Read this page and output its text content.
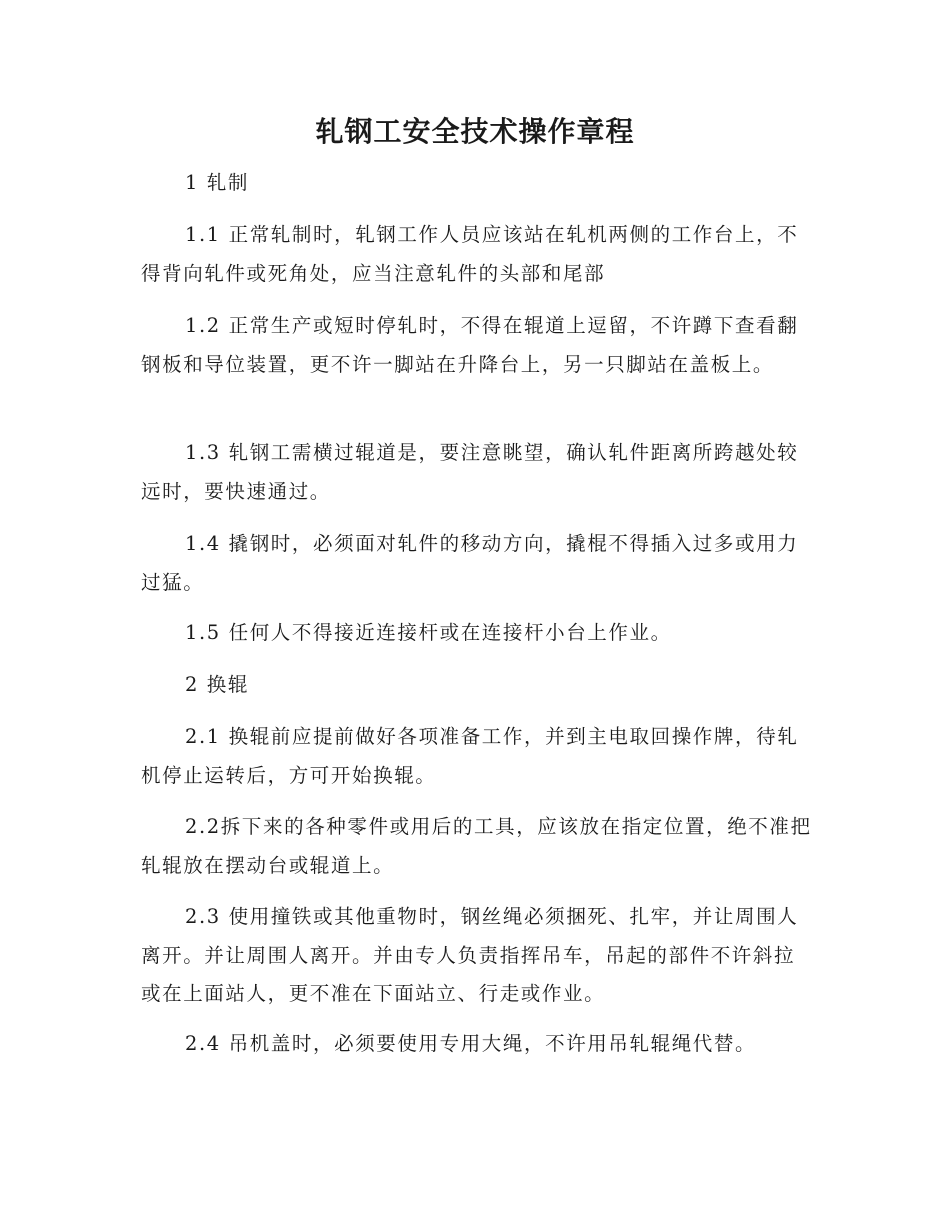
轧钢工安全技术操作章程

1 轧制

1.1 正常轧制时，轧钢工作人员应该站在轧机两侧的工作台上，不得背向轧件或死角处，应当注意轧件的头部和尾部

1.2 正常生产或短时停轧时，不得在辊道上逗留，不许蹲下查看翻钢板和导位装置，更不许一脚站在升降台上，另一只脚站在盖板上。

1.3 轧钢工需横过辊道是，要注意眺望，确认轧件距离所跨越处较远时，要快速通过。

1.4 撬钢时，必须面对轧件的移动方向，撬棍不得插入过多或用力过猛。

1.5 任何人不得接近连接杆或在连接杆小台上作业。

2 换辊

2.1 换辊前应提前做好各项准备工作，并到主电取回操作牌，待轧机停止运转后，方可开始换辊。

2.2拆下来的各种零件或用后的工具，应该放在指定位置，绝不准把轧辊放在摆动台或辊道上。

2.3 使用撞铁或其他重物时，钢丝绳必须捆死、扎牢，并让周围人离开。并让周围人离开。并由专人负责指挥吊车，吊起的部件不许斜拉或在上面站人，更不准在下面站立、行走或作业。

2.4 吊机盖时，必须要使用专用大绳，不许用吊轧辊绳代替。
